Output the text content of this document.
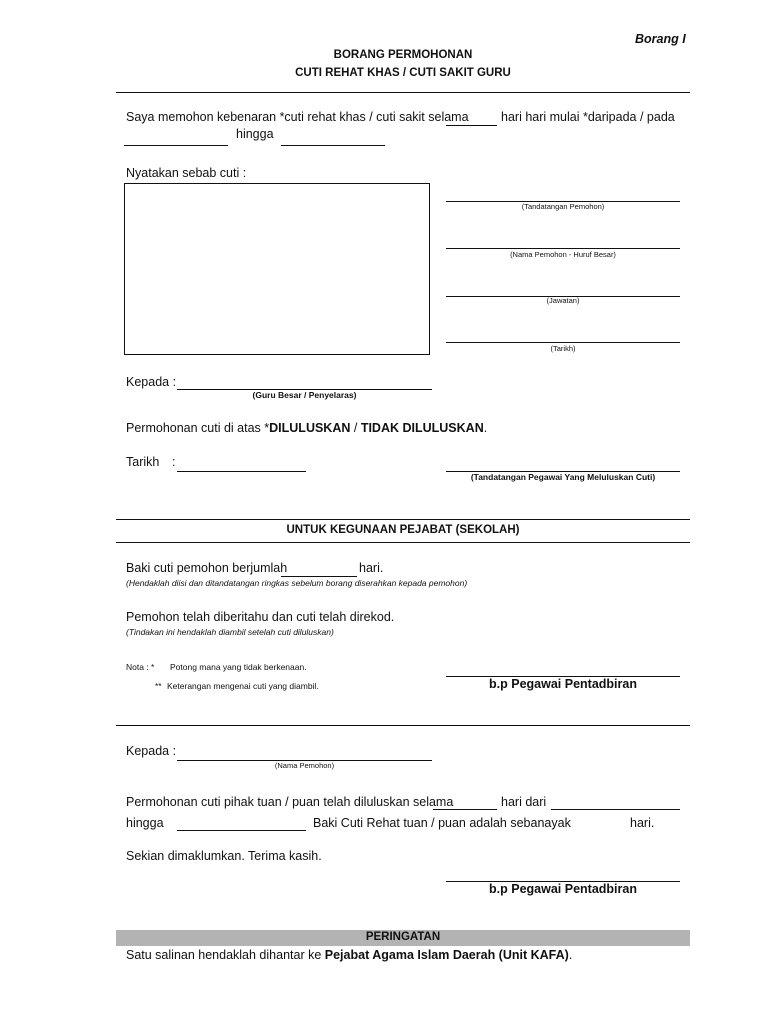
Borang I
BORANG PERMOHONAN
CUTI REHAT KHAS / CUTI SAKIT GURU
Saya memohon kebenaran *cuti rehat khas / cuti sakit selama	hari hari mulai *daripada / pada
hingga
Nyatakan sebab cuti :
(Tandatangan Pemohon)
(Nama Pemohon - Huruf Besar)
(Jawatan)
(Tarikh)
Kepada :
(Guru Besar / Penyelaras)
Permohonan cuti di atas *DILULUSKAN / TIDAK DILULUSKAN.
Tarikh :
(Tandatangan Pegawai Yang Meluluskan Cuti)
UNTUK KEGUNAAN PEJABAT (SEKOLAH)
Baki cuti pemohon berjumlah	hari.
(Hendaklah diisi dan ditandatangan ringkas sebelum borang diserahkan kepada pemohon)
Pemohon telah diberitahu dan cuti telah direkod.
(Tindakan ini hendaklah diambil setelah cuti diluluskan)
Nota : * Potong mana yang tidak berkenaan.
** Keterangan mengenai cuti yang diambil.	b.p Pegawai Pentadbiran
Kepada :
(Nama Pemohon)
Permohonan cuti pihak tuan / puan telah diluluskan selama	hari dari
hingga	Baki Cuti Rehat tuan / puan adalah sebanayak	hari.
Sekian dimaklumkan. Terima kasih.
b.p Pegawai Pentadbiran
PERINGATAN
Satu salinan hendaklah dihantar ke Pejabat Agama Islam Daerah (Unit KAFA).
